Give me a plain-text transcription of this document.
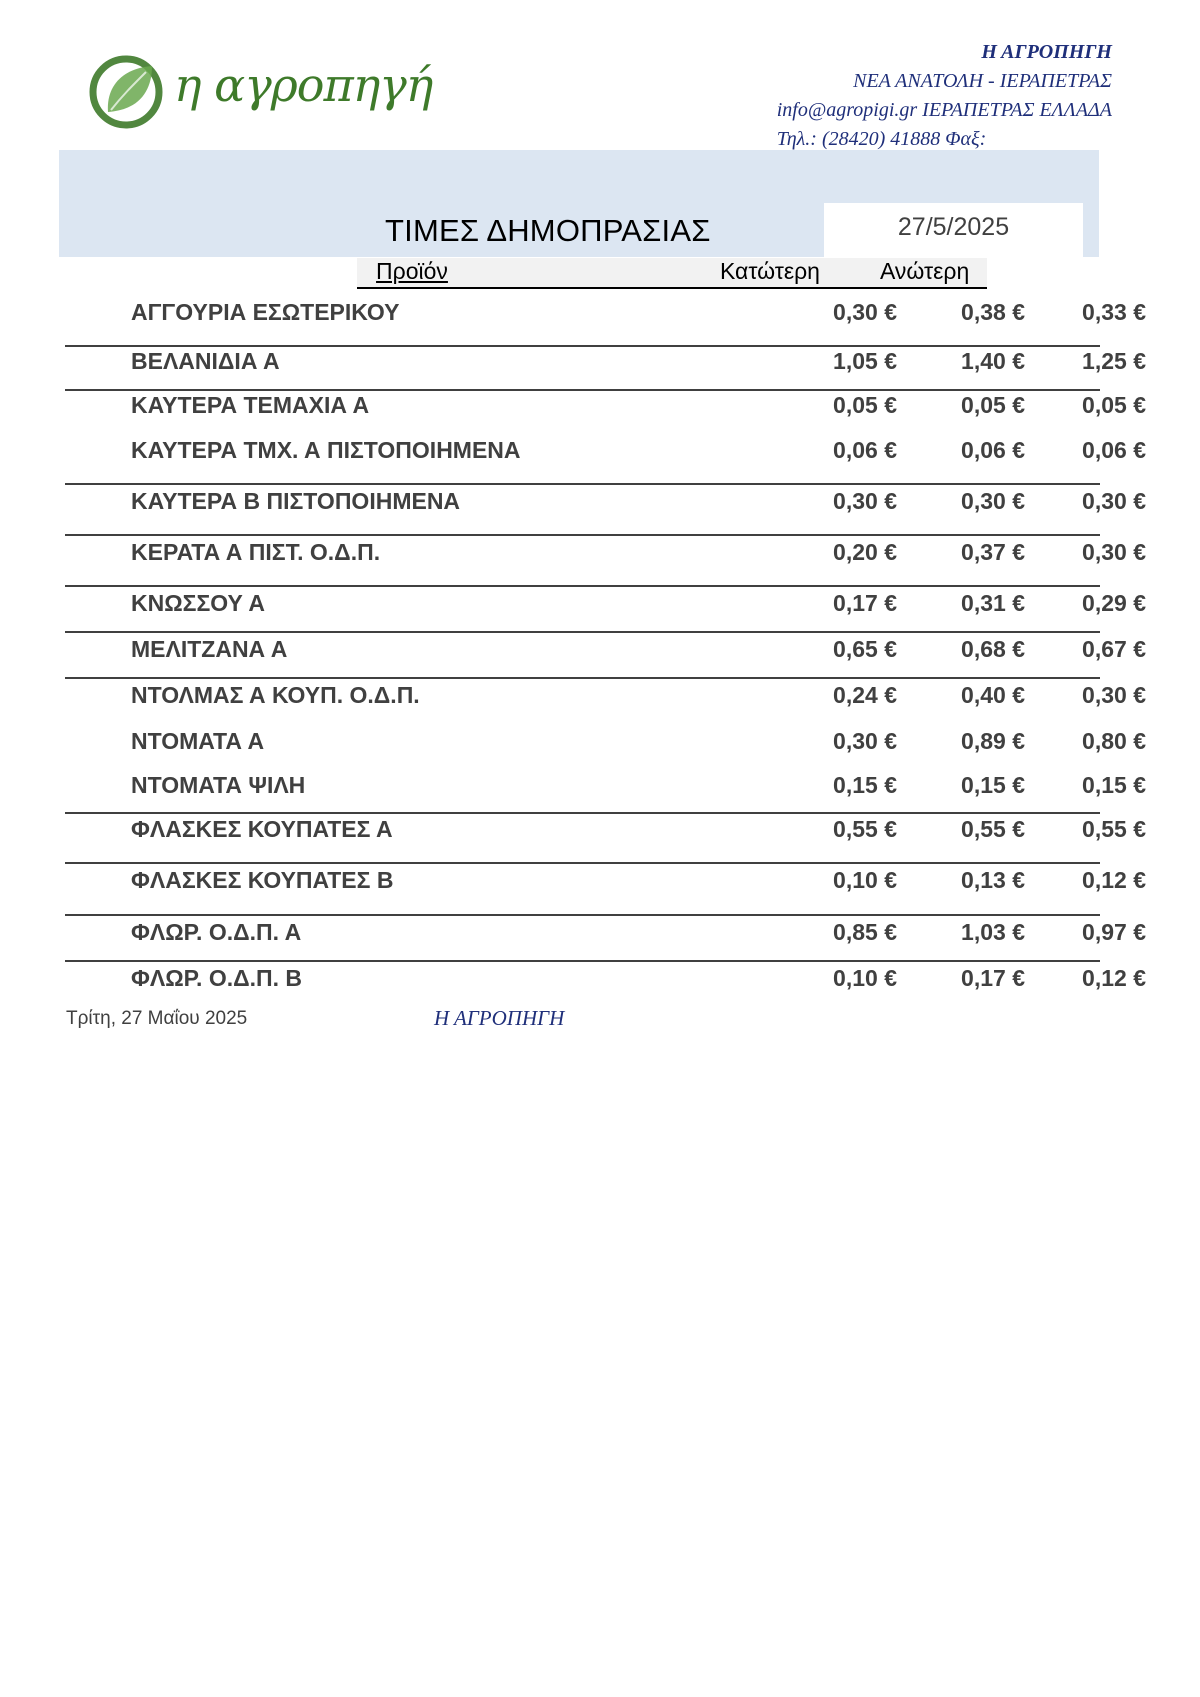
η αγροπηγή
Η ΑΓΡΟΠΗΓΗ
ΝΕΑ ΑΝΑΤΟΛΗ - ΙΕΡΑΠΕΤΡΑΣ
info@agropigi.gr ΙΕΡΑΠΕΤΡΑΣ ΕΛΛΑΔΑ
Τηλ.: (28420) 41888 Φαξ:
27/5/2025
ΤΙΜΕΣ ΔΗΜΟΠΡΑΣΙΑΣ
Προϊόν	Κατώτερη	Ανώτερη
ΑΓΓΟΥΡΙΑ ΕΣΩΤΕΡΙΚΟΥ	0,30 €	0,38 €	0,33 €
ΒΕΛΑΝΙΔΙΑ Α	1,05 €	1,40 €	1,25 €
ΚΑΥΤΕΡΑ ΤΕΜΑΧΙΑ Α	0,05 €	0,05 €	0,05 €
ΚΑΥΤΕΡΑ ΤΜΧ. Α ΠΙΣΤΟΠΟΙΗΜΕΝΑ	0,06 €	0,06 €	0,06 €
ΚΑΥΤΕΡΑ Β ΠΙΣΤΟΠΟΙΗΜΕΝΑ	0,30 €	0,30 €	0,30 €
ΚΕΡΑΤΑ Α ΠΙΣΤ. Ο.Δ.Π.	0,20 €	0,37 €	0,30 €
ΚΝΩΣΣΟΥ Α	0,17 €	0,31 €	0,29 €
ΜΕΛΙΤΖΑΝΑ Α	0,65 €	0,68 €	0,67 €
ΝΤΟΛΜΑΣ Α ΚΟΥΠ. Ο.Δ.Π.	0,24 €	0,40 €	0,30 €
ΝΤΟΜΑΤΑ Α	0,30 €	0,89 €	0,80 €
ΝΤΟΜΑΤΑ ΨΙΛΗ	0,15 €	0,15 €	0,15 €
ΦΛΑΣΚΕΣ ΚΟΥΠΑΤΕΣ Α	0,55 €	0,55 €	0,55 €
ΦΛΑΣΚΕΣ ΚΟΥΠΑΤΕΣ Β	0,10 €	0,13 €	0,12 €
ΦΛΩΡ. Ο.Δ.Π. Α	0,85 €	1,03 €	0,97 €
ΦΛΩΡ. Ο.Δ.Π. Β	0,10 €	0,17 €	0,12 €
Τρίτη, 27 Μαΐου 2025	Η ΑΓΡΟΠΗΓΗ
